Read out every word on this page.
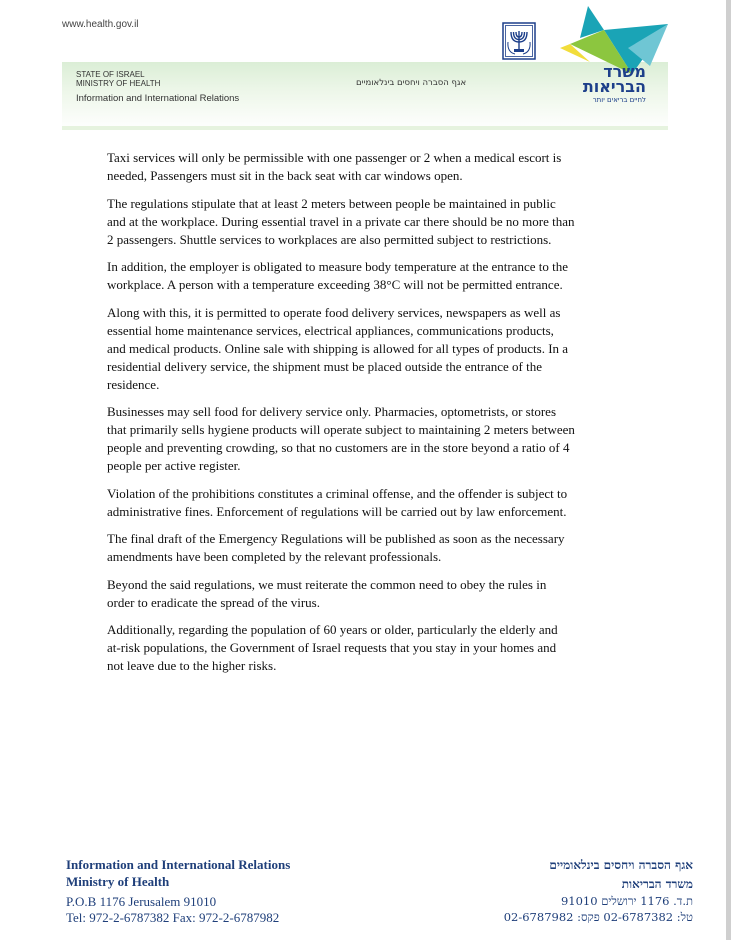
www.health.gov.il
STATE OF ISRAEL
MINISTRY OF HEALTH
Information and International Relations
אגף הסברה ויחסים בינלאומיים
משרד
הבריאות
לחיים בריאים יותר

Taxi services will only be permissible with one passenger or 2 when a medical escort is
needed, Passengers must sit in the back seat with car windows open.

The regulations stipulate that at least 2 meters between people be maintained in public
and at the workplace. During essential travel in a private car there should be no more than
2 passengers. Shuttle services to workplaces are also permitted subject to restrictions.

In addition, the employer is obligated to measure body temperature at the entrance to the
workplace. A person with a temperature exceeding 38°C will not be permitted entrance.

Along with this, it is permitted to operate food delivery services, newspapers as well as
essential home maintenance services, electrical appliances, communications products,
and medical products. Online sale with shipping is allowed for all types of products. In a
residential delivery service, the shipment must be placed outside the entrance of the
residence.

Businesses may sell food for delivery service only. Pharmacies, optometrists, or stores
that primarily sells hygiene products will operate subject to maintaining 2 meters between
people and preventing crowding, so that no customers are in the store beyond a ratio of 4
people per active register.

Violation of the prohibitions constitutes a criminal offense, and the offender is subject to
administrative fines. Enforcement of regulations will be carried out by law enforcement.

The final draft of the Emergency Regulations will be published as soon as the necessary
amendments have been completed by the relevant professionals.

Beyond the said regulations, we must reiterate the common need to obey the rules in
order to eradicate the spread of the virus.

Additionally, regarding the population of 60 years or older, particularly the elderly and
at-risk populations, the Government of Israel requests that you stay in your homes and
not leave due to the higher risks.

Information and International Relations
Ministry of Health
P.O.B 1176 Jerusalem 91010
Tel: 972-2-6787382 Fax: 972-2-6787982
אגף הסברה ויחסים בינלאומיים
משרד הבריאות
ת.ד. 1176 ירושלים 91010
טל: 02-6787382 פקס: 02-6787982
